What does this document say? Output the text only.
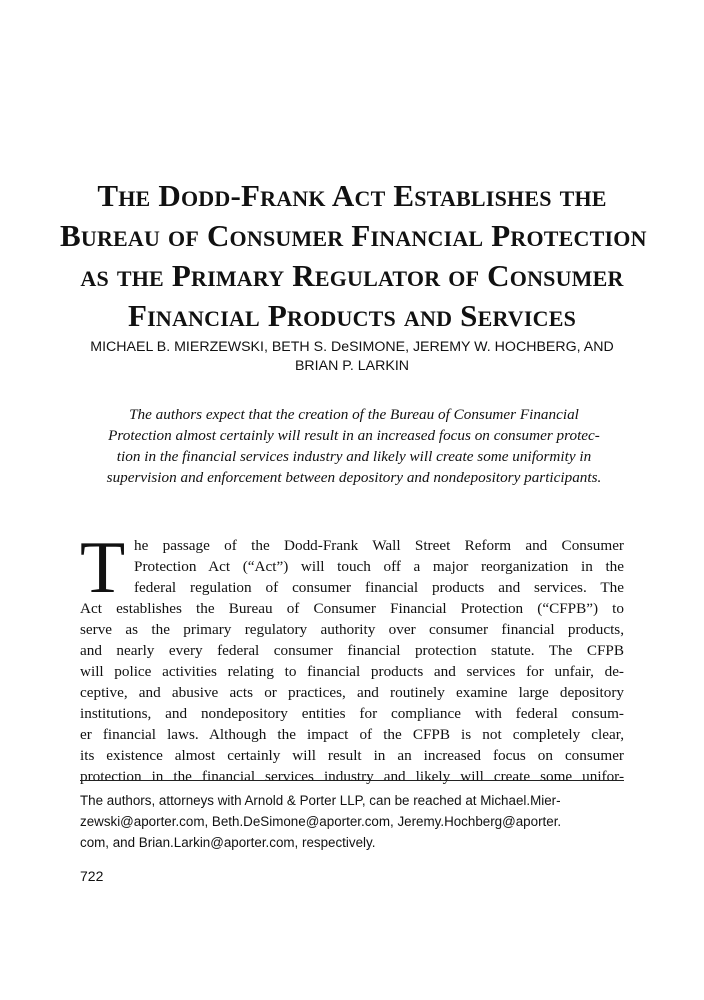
The Dodd-Frank Act Establishes the
Bureau of Consumer Financial Protection
as the Primary Regulator of Consumer
Financial Products and Services
MICHAEL B. MIERZEWSKI, BETH S. DeSIMONE, JEREMY W. HOCHBERG, AND
BRIAN P. LARKIN
The authors expect that the creation of the Bureau of Consumer Financial
Protection almost certainly will result in an increased focus on consumer protec-
tion in the financial services industry and likely will create some uniformity in
supervision and enforcement between depository and nondepository participants.
T he passage of the Dodd-Frank Wall Street Reform and Consumer
Protection Act (“Act”) will touch off a major reorganization in the
federal regulation of consumer financial products and services. The
Act establishes the Bureau of Consumer Financial Protection (“CFPB”) to
serve as the primary regulatory authority over consumer financial products,
and nearly every federal consumer financial protection statute. The CFPB
will police activities relating to financial products and services for unfair, de-
ceptive, and abusive acts or practices, and routinely examine large depository
institutions, and nondepository entities for compliance with federal consum-
er financial laws. Although the impact of the CFPB is not completely clear,
its existence almost certainly will result in an increased focus on consumer
protection in the financial services industry and likely will create some unifor-
The authors, attorneys with Arnold & Porter LLP, can be reached at Michael.Mier-
zewski@aporter.com, Beth.DeSimone@aporter.com, Jeremy.Hochberg@aporter.
com, and Brian.Larkin@aporter.com, respectively.
722
